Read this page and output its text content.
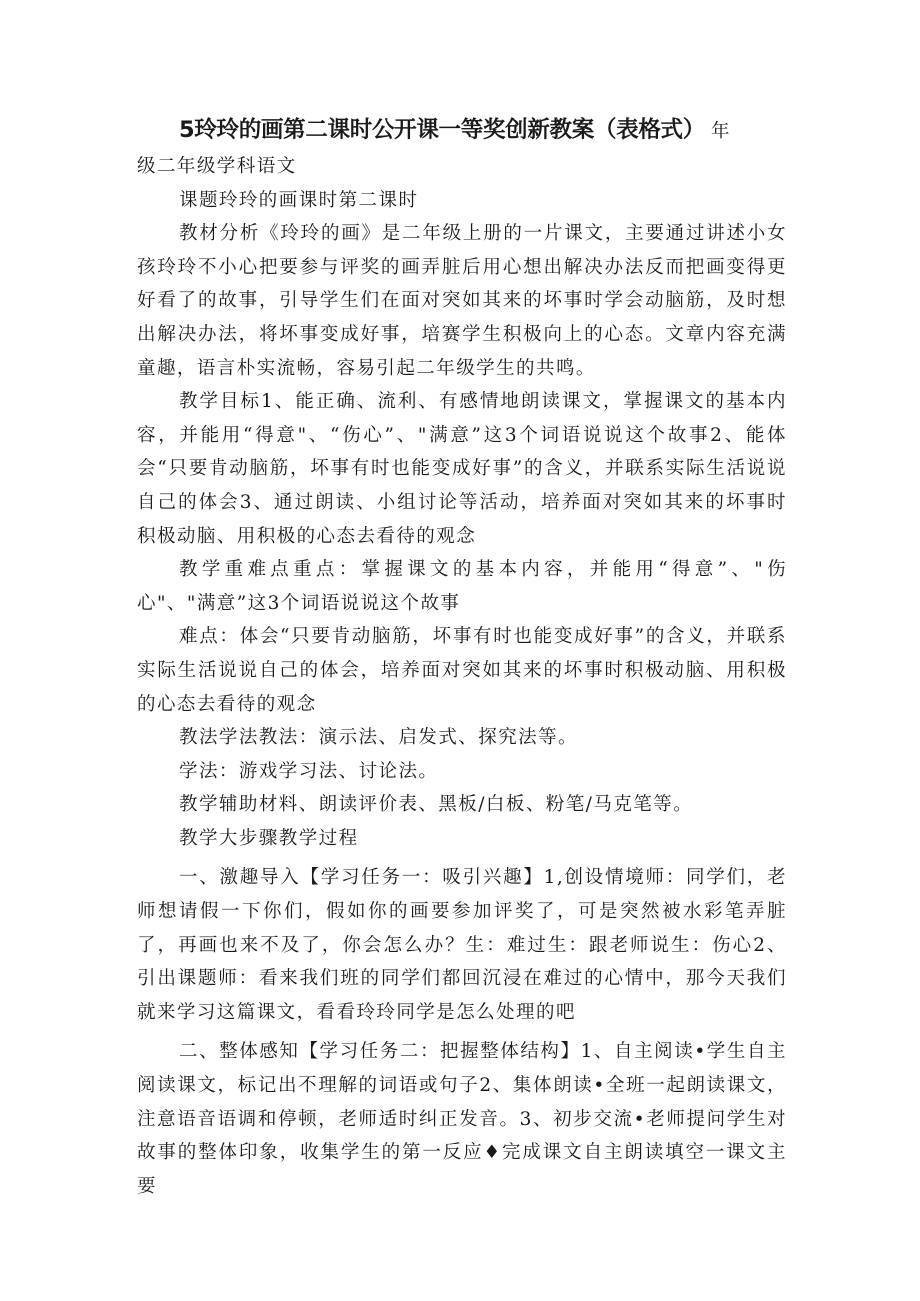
5玲玲的画第二课时公开课一等奖创新教案（表格式） 年

级二年级学科语文

课题玲玲的画课时第二课时

教材分析《玲玲的画》是二年级上册的一片课文，主要通过讲述小女孩玲玲不小心把要参与评奖的画弄脏后用心想出解决办法反而把画变得更好看了的故事，引导学生们在面对突如其来的坏事时学会动脑筋，及时想出解决办法，将坏事变成好事，培赛学生积极向上的心态。文章内容充满童趣，语言朴实流畅，容易引起二年级学生的共鸣。

教学目标1、能正确、流利、有感情地朗读课文，掌握课文的基本内容，并能用“得意"、“伤心”、"满意”这3个词语说说这个故事2、能体会“只要肯动脑筋，坏事有时也能变成好事”的含义，并联系实际生活说说自己的体会3、通过朗读、小组讨论等活动，培养面对突如其来的坏事时积极动脑、用积极的心态去看待的观念

教学重难点重点：掌握课文的基本内容，并能用“得意”、"伤心"、"满意”这3个词语说说这个故事

难点：体会“只要肯动脑筋，坏事有时也能变成好事”的含义，并联系实际生活说说自己的体会，培养面对突如其来的坏事时积极动脑、用积极的心态去看待的观念

教法学法教法：演示法、启发式、探究法等。

学法：游戏学习法、讨论法。

教学辅助材料、朗读评价表、黑板/白板、粉笔/马克笔等。

教学大步骤教学过程

一、激趣导入【学习任务一：吸引兴趣】1,创设情境师：同学们，老师想请假一下你们，假如你的画要参加评奖了，可是突然被水彩笔弄脏了，再画也来不及了，你会怎么办？生：难过生：跟老师说生：伤心2、引出课题师：看来我们班的同学们都回沉浸在难过的心情中，那今天我们就来学习这篇课文，看看玲玲同学是怎么处理的吧

二、整体感知【学习任务二：把握整体结构】1、自主阅读•学生自主阅读课文，标记出不理解的词语或句子2、集体朗读•全班一起朗读课文，注意语音语调和停顿，老师适时纠正发音。3、初步交流•老师提问学生对故事的整体印象，收集学生的第一反应♦完成课文自主朗读填空一课文主要
